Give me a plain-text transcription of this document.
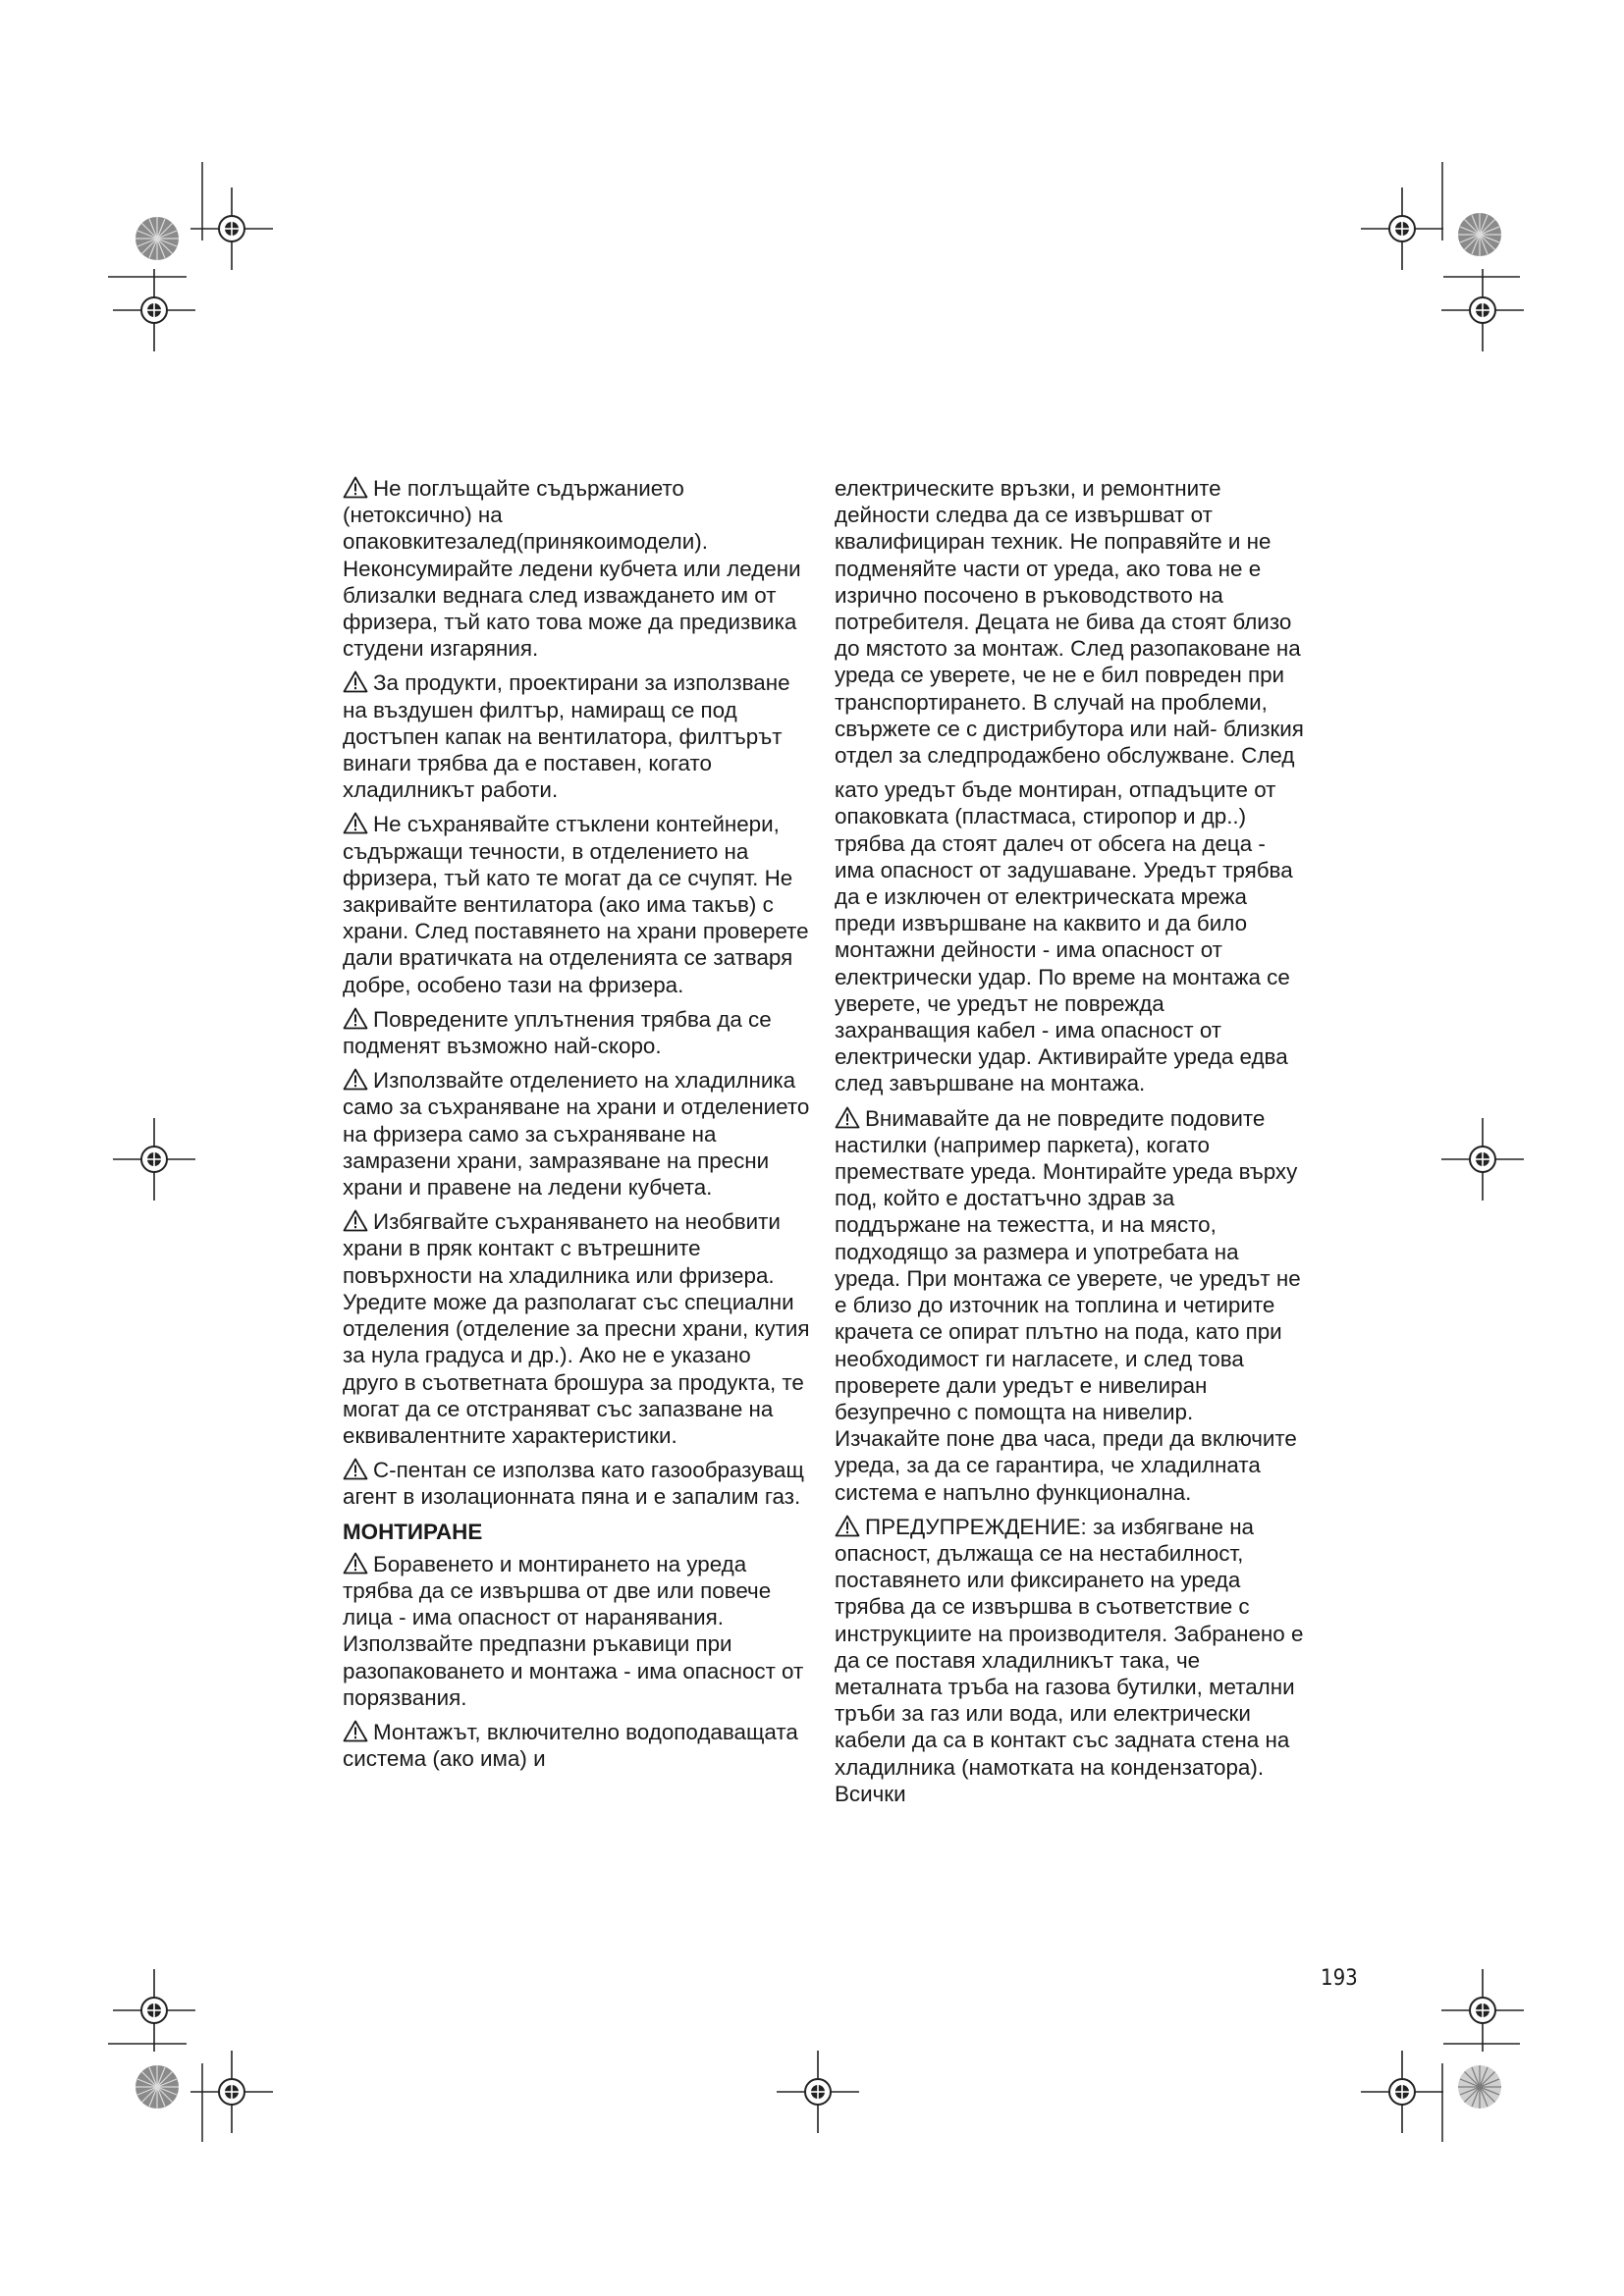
Не поглъщайте съдържанието (нетоксично) на опаковкитезалед(принякоимодели). Неконсумирайте ледени кубчета или ледени близалки веднага след изваждането им от фризера, тъй като това може да предизвика студени изгаряния.

За продукти, проектирани за използване на въздушен филтър, намиращ се под достъпен капак на вентилатора, филтърът винаги трябва да е поставен, когато хладилникът работи.

Не съхранявайте стъклени контейнери, съдържащи течности, в отделението на фризера, тъй като те могат да се счупят. Не закривайте вентилатора (ако има такъв) с храни. След поставянето на храни проверете дали вратичката на отделенията се затваря добре, особено тази на фризера.

Повредените уплътнения трябва да се подменят възможно най-скоро.

Използвайте отделението на хладилника само за съхраняване на храни и отделението на фризера само за съхраняване на замразени храни, замразяване на пресни храни и правене на ледени кубчета.

Избягвайте съхраняването на необвити храни в пряк контакт с вътрешните повърхности на хладилника или фризера. Уредите може да разполагат със специални отделения (отделение за пресни храни, кутия за нула градуса и др.). Ако не е указано друго в съответната брошура за продукта, те могат да се отстраняват със запазване на еквивалентните характеристики.

С-пентан се използва като газообразуващ агент в изолационната пяна и е запалим газ.

МОНТИРАНЕ

Боравенето и монтирането на уреда трябва да се извършва от две или повече лица - има опасност от наранявания. Използвайте предпазни ръкавици при разопаковането и монтажа - има опасност от порязвания.

Монтажът, включително водоподаващата система (ако има) и

електрическите връзки, и ремонтните дейности следва да се извършват от квалифициран техник. Не поправяйте и не подменяйте части от уреда, ако това не е изрично посочено в ръководството на потребителя. Децата не бива да стоят близо до мястото за монтаж. След разопаковане на уреда се уверете, че не е бил повреден при транспортирането. В случай на проблеми, свържете се с дистрибутора или най- близкия отдел за следпродажбено обслужване. След

като уредът бъде монтиран, отпадъците от опаковката (пластмаса, стиропор и др..) трябва да стоят далеч от обсега на деца - има опасност от задушаване. Уредът трябва да е изключен от електрическата мрежа преди извършване на каквито и да било монтажни дейности - има опасност от електрически удар. По време на монтажа се уверете, че уредът не поврежда захранващия кабел - има опасност от електрически удар. Активирайте уреда едва след завършване на монтажа.

Внимавайте да не повредите подовите настилки (например паркета), когато премествате уреда. Монтирайте уреда върху под, който е достатъчно здрав за поддържане на тежестта, и на място, подходящо за размера и употребата на уреда. При монтажа се уверете, че уредът не е близо до източник на топлина и четирите крачета се опират плътно на пода, като при необходимост ги нагласете, и след това проверете дали уредът е нивелиран безупречно с помощта на нивелир. Изчакайте поне два часа, преди да включите уреда, за да се гарантира, че хладилната система е напълно функционална.

ПРЕДУПРЕЖДЕНИЕ: за избягване на опасност, дължаща се на нестабилност, поставянето или фиксирането на уреда трябва да се извършва в съответствие с инструкциите на производителя. Забранено е да се поставя хладилникът така, че металната тръба на газова бутилки, метални тръби за газ или вода, или електрически кабели да са в контакт със задната стена на хладилника (намотката на кондензатора). Всички

193
